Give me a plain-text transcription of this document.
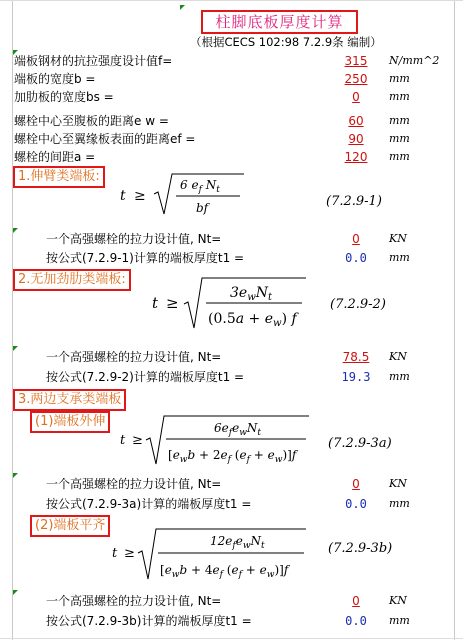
柱脚底板厚度计算
（根据CECS 102:98 7.2.9条 编制）
端板钢材的抗拉强度设计值f=	315	N/mm^2
端板的宽度b =	250	mm
加肋板的宽度bs =	0	mm
螺栓中心至腹板的距离e w =	60	mm
螺栓中心至翼缘板表面的距离ef =	90	mm
螺栓的间距a =	120	mm
1.伸臂类端板:
t ≥
6 $e_f$ $N_t$
bf	(7.2.9-1)
一个高强螺栓的拉力设计值, Nt=	0	KN
按公式(7.2.9-1)计算的端板厚度t1 =	0.0	mm
2.无加劲肋类端板:
t ≥
$3e_wN_t$
$(0.5a + e_w)$ f
(7.2.9-2)
一个高强螺栓的拉力设计值, Nt=	78.5	KN
按公式(7.2.9-2)计算的端板厚度t1 =	19.3	mm
3.两边支承类端板
(1)端板外伸
t ≥
$6e_fe_wN_t$
[$e_wb + 2e_f$ $(e_f + e_w)]f$
(7.2.9-3a)
一个高强螺栓的拉力设计值, Nt=	0	KN
按公式(7.2.9-3a)计算的端板厚度t1 =	0.0	mm
(2)端板平齐
t ≥
$12e_fe_wN_t$
[$e_wb + 4e_f$ $(e_f + e_w)]f$
(7.2.9-3b)
一个高强螺栓的拉力设计值, Nt=	0	KN
按公式(7.2.9-3b)计算的端板厚度t1 =	0.0	mm
